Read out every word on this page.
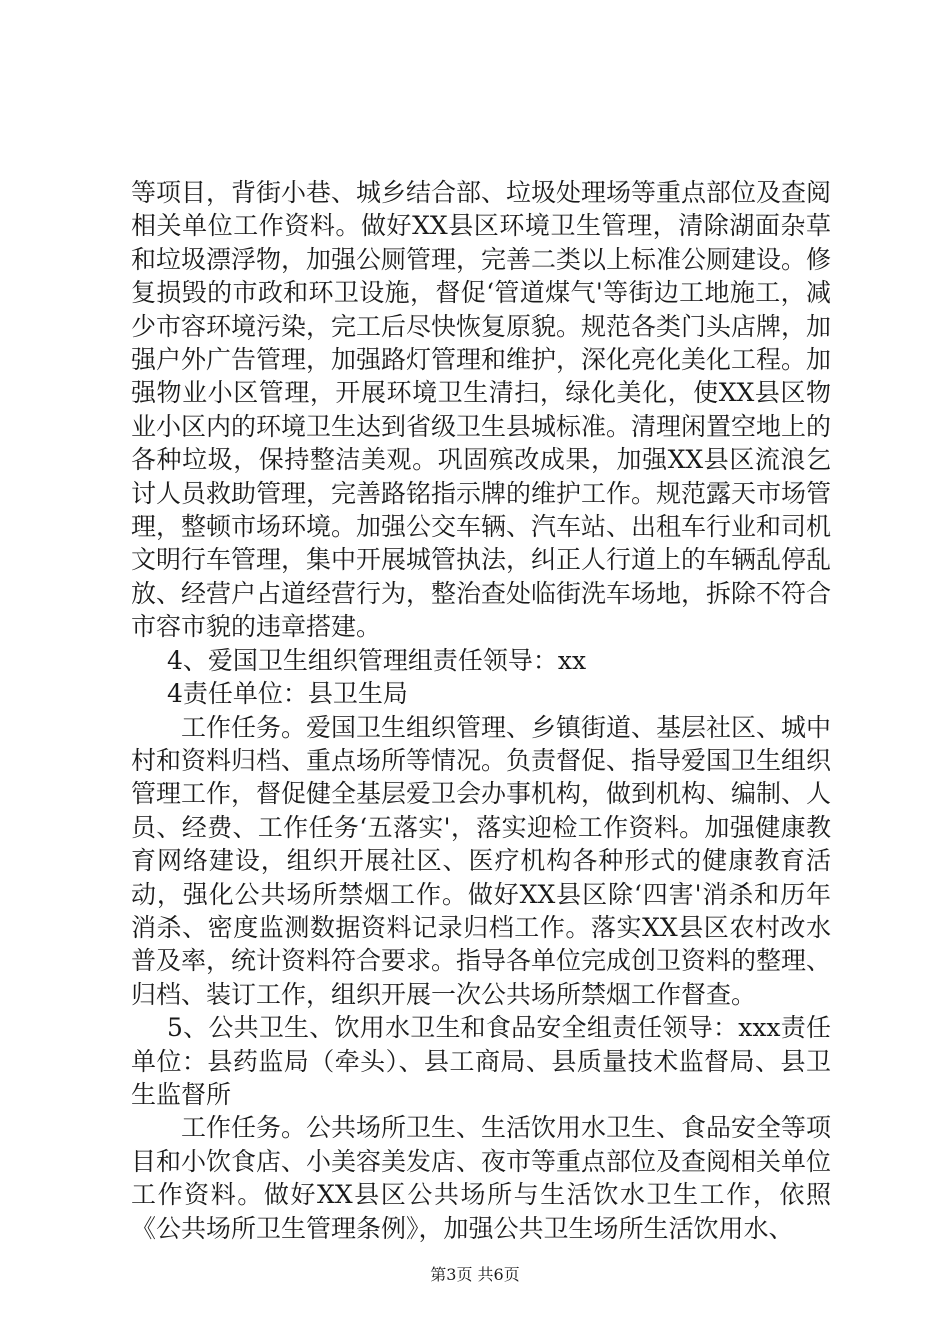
等项目，背街小巷、城乡结合部、垃圾处理场等重点部位及查阅相关单位工作资料。做好XX县区环境卫生管理，清除湖面杂草和垃圾漂浮物，加强公厕管理，完善二类以上标准公厕建设。修复损毁的市政和环卫设施，督促‘管道煤气'等街边工地施工，减少市容环境污染，完工后尽快恢复原貌。规范各类门头店牌，加强户外广告管理，加强路灯管理和维护，深化亮化美化工程。加强物业小区管理，开展环境卫生清扫，绿化美化，使XX县区物业小区内的环境卫生达到省级卫生县城标准。清理闲置空地上的各种垃圾，保持整洁美观。巩固殡改成果，加强XX县区流浪乞讨人员救助管理，完善路铭指示牌的维护工作。规范露天市场管理，整顿市场环境。加强公交车辆、汽车站、出租车行业和司机文明行车管理，集中开展城管执法，纠正人行道上的车辆乱停乱放、经营户占道经营行为，整治查处临街洗车场地，拆除不符合市容市貌的违章搭建。

4、爱国卫生组织管理组责任领导：xx

4责任单位：县卫生局

工作任务。爱国卫生组织管理、乡镇街道、基层社区、城中村和资料归档、重点场所等情况。负责督促、指导爱国卫生组织管理工作，督促健全基层爱卫会办事机构，做到机构、编制、人员、经费、工作任务‘五落实'，落实迎检工作资料。加强健康教育网络建设，组织开展社区、医疗机构各种形式的健康教育活动，强化公共场所禁烟工作。做好XX县区除‘四害'消杀和历年消杀、密度监测数据资料记录归档工作。落实XX县区农村改水普及率，统计资料符合要求。指导各单位完成创卫资料的整理、归档、装订工作，组织开展一次公共场所禁烟工作督查。

5、公共卫生、饮用水卫生和食品安全组责任领导：xxx责任单位：县药监局（牵头）、县工商局、县质量技术监督局、县卫生监督所

工作任务。公共场所卫生、生活饮用水卫生、食品安全等项目和小饮食店、小美容美发店、夜市等重点部位及查阅相关单位工作资料。做好XX县区公共场所与生活饮水卫生工作，依照《公共场所卫生管理条例》，加强公共卫生场所生活饮用水、

第3页 共6页
